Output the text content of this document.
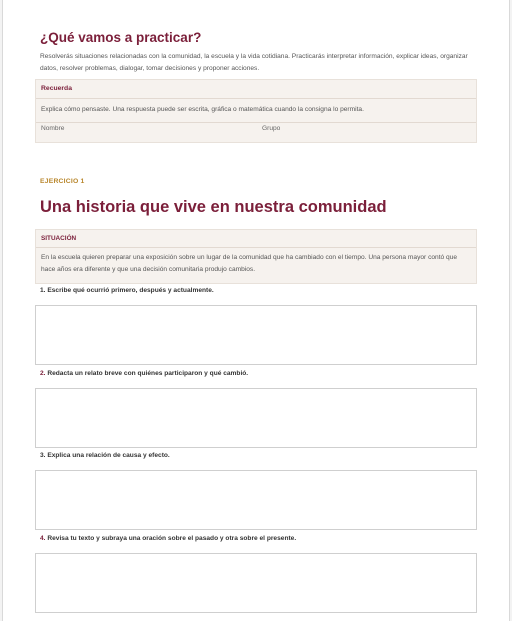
¿Qué vamos a practicar?
Resolverás situaciones relacionadas con la comunidad, la escuela y la vida cotidiana. Practicarás interpretar información, explicar ideas, organizar datos, resolver problemas, dialogar, tomar decisiones y proponer acciones.
Recuerda
Explica cómo pensaste. Una respuesta puede ser escrita, gráfica o matemática cuando la consigna lo permita.
Nombre	Grupo
EJERCICIO 1
Una historia que vive en nuestra comunidad
SITUACIÓN
En la escuela quieren preparar una exposición sobre un lugar de la comunidad que ha cambiado con el tiempo. Una persona mayor contó que hace años era diferente y que una decisión comunitaria produjo cambios.
1. Escribe qué ocurrió primero, después y actualmente.
2. Redacta un relato breve con quiénes participaron y qué cambió.
3. Explica una relación de causa y efecto.
4. Revisa tu texto y subraya una oración sobre el pasado y otra sobre el presente.
